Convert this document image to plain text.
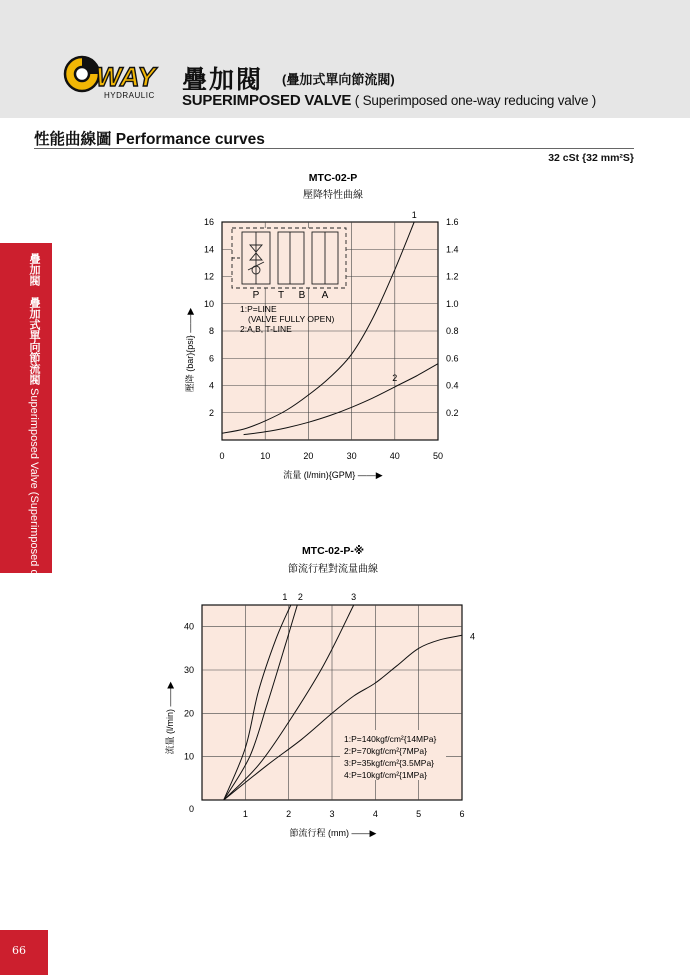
WAY
HYDRAULIC
疊加閥 (疊加式單向節流閥)
SUPERIMPOSED VALVE ( Superimposed one-way reducing valve )
性能曲線圖 Performance curves
32 cSt {32 mm²S}
疊加閥　疊加式單向節流閥 Superimposed Valve (Superimposed one-way reducing valve)
MTC-02-P
壓降特性曲線
P T B A
1:P=LINE
(VALVE FULLY OPEN)
2:A,B, T-LINE
1
2
0	10	20	30	40	50
2	0.2
4	0.4
6	0.6
8	0.8
10	1.0
12	1.2
14	1.4
16	1.6
壓降 (bar){psi} ——▶
流量 (l/min){GPM} ——▶
MTC-02-P-※
節流行程對流量曲線
1 2	3
4
1:P=140kgf/cm²{14MPa}
2:P=70kgf/cm²{7MPa}
3:P=35kgf/cm²{3.5MPa}
4:P=10kgf/cm²{1MPa}
1	2	3	4	5	6
0
10
20
30
40
流量 (l/min) ——▶
節流行程 (mm) ——▶
66
